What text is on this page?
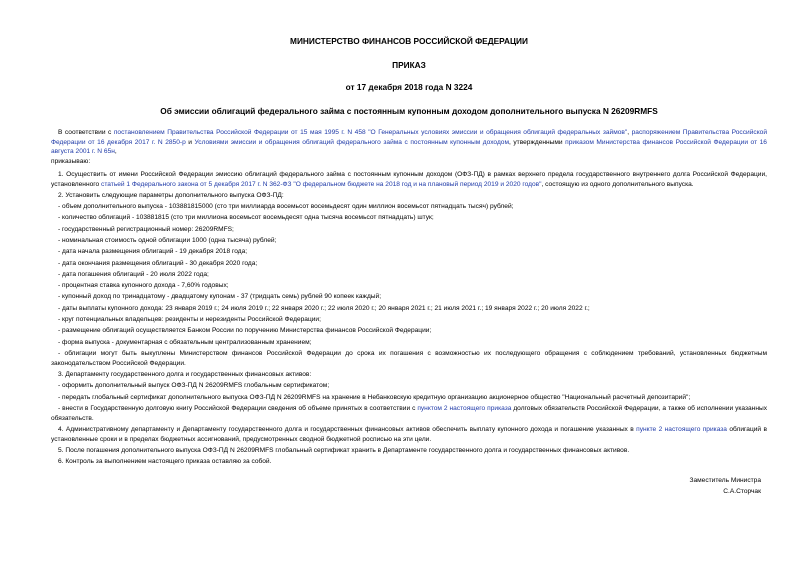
МИНИСТЕРСТВО ФИНАНСОВ РОССИЙСКОЙ ФЕДЕРАЦИИ
ПРИКАЗ
от 17 декабря 2018 года N 3224
Об эмиссии облигаций федерального займа с постоянным купонным доходом дополнительного выпуска N 26209RMFS
В соответствии с постановлением Правительства Российской Федерации от 15 мая 1995 г. N 458 "О Генеральных условиях эмиссии и обращения облигаций федеральных займов", распоряжением Правительства Российской Федерации от 16 декабря 2017 г. N 2850-р и Условиями эмиссии и обращения облигаций федерального займа с постоянным купонным доходом, утвержденными приказом Министерства финансов Российской Федерации от 16 августа 2001 г. N 65н,
приказываю:
1. Осуществить от имени Российской Федерации эмиссию облигаций федерального займа с постоянным купонным доходом (ОФЗ-ПД) в рамках верхнего предела государственного внутреннего долга Российской Федерации, установленного статьей 1 Федерального закона от 5 декабря 2017 г. N 362-ФЗ "О федеральном бюджете на 2018 год и на плановый период 2019 и 2020 годов", состоящую из одного дополнительного выпуска.
2. Установить следующие параметры дополнительного выпуска ОФЗ-ПД:
- объем дополнительного выпуска - 103881815000 (сто три миллиарда восемьсот восемьдесят один миллион восемьсот пятнадцать тысяч) рублей;
- количество облигаций - 103881815 (сто три миллиона восемьсот восемьдесят одна тысяча восемьсот пятнадцать) штук;
- государственный регистрационный номер: 26209RMFS;
- номинальная стоимость одной облигации 1000 (одна тысяча) рублей;
- дата начала размещения облигаций - 19 декабря 2018 года;
- дата окончания размещения облигаций - 30 декабря 2020 года;
- дата погашения облигаций - 20 июля 2022 года;
- процентная ставка купонного дохода - 7,60% годовых;
- купонный доход по тринадцатому - двадцатому купонам - 37 (тридцать семь) рублей 90 копеек каждый;
- даты выплаты купонного дохода: 23 января 2019 г.; 24 июля 2019 г.; 22 января 2020 г.; 22 июля 2020 г.; 20 января 2021 г.; 21 июля 2021 г.; 19 января 2022 г.; 20 июля 2022 г.;
- круг потенциальных владельцев: резиденты и нерезиденты Российской Федерации;
- размещение облигаций осуществляется Банком России по поручению Министерства финансов Российской Федерации;
- форма выпуска - документарная с обязательным централизованным хранением;
- облигации могут быть выкуплены Министерством финансов Российской Федерации до срока их погашения с возможностью их последующего обращения с соблюдением требований, установленных бюджетным законодательством Российской Федерации.
3. Департаменту государственного долга и государственных финансовых активов:
- оформить дополнительный выпуск ОФЗ-ПД N 26209RMFS глобальным сертификатом;
- передать глобальный сертификат дополнительного выпуска ОФЗ-ПД N 26209RMFS на хранение в Небанковскую кредитную организацию акционерное общество "Национальный расчетный депозитарий";
- внести в Государственную долговую книгу Российской Федерации сведения об объеме принятых в соответствии с пунктом 2 настоящего приказа долговых обязательств Российской Федерации, а также об исполнении указанных обязательств.
4. Административному департаменту и Департаменту государственного долга и государственных финансовых активов обеспечить выплату купонного дохода и погашение указанных в пункте 2 настоящего приказа облигаций в установленные сроки и в пределах бюджетных ассигнований, предусмотренных сводной бюджетной росписью на эти цели.
5. После погашения дополнительного выпуска ОФЗ-ПД N 26209RMFS глобальный сертификат хранить в Департаменте государственного долга и государственных финансовых активов.
6. Контроль за выполнением настоящего приказа оставляю за собой.
Заместитель Министра
С.А.Сторчак
